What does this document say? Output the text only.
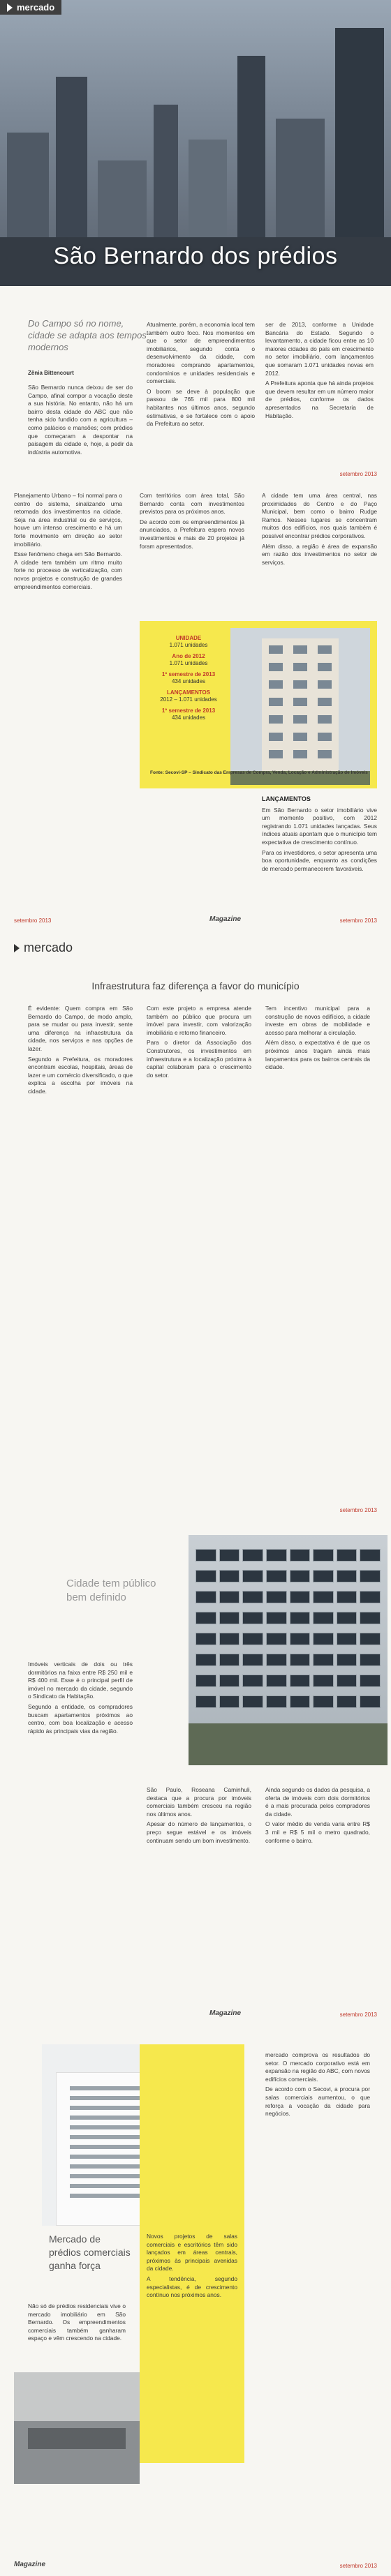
mercado
São Bernardo dos prédios
Do Campo só no nome, cidade se adapta aos tempos modernos
Zênia Bittencourt

São Bernardo nunca deixou de ser do Campo, afinal compor a vocação deste a sua história. No entanto, não há um bairro desta cidade do ABC que não tenha sido fundido com a agricultura – como palácios e mansões; com prédios que começaram a despontar na paisagem da cidade e, hoje, a pedir da indústria automotiva.

Atualmente, porém, a economia local tem também outro foco. Nos momentos em que o setor de empreendimentos imobiliários, segundo conta o desenvolvimento da cidade, com moradores comprando apartamentos, condomínios e unidades residenciais e comerciais.

O boom se deve à população que passou de 765 mil para 800 mil habitantes nos últimos anos, segundo estimativas, e se fortalece com o apoio da Prefeitura ao setor.

ser de 2013, conforme a Unidade Bancária do Estado. Segundo o levantamento, a cidade ficou entre as 10 maiores cidades do país em crescimento no setor imobiliário, com lançamentos que somaram 1.071 unidades novas em 2012.

A Prefeitura aponta que há ainda projetos que devem resultar em um número maior de prédios, conforme os dados apresentados na Secretaria de Habitação.

setembro 2013

Planejamento Urbano – foi normal para o centro do sistema, sinalizando uma retomada dos investimentos na cidade. Seja na área industrial ou de serviços, houve um intenso crescimento e há um forte movimento em direção ao setor imobiliário.

Esse fenômeno chega em São Bernardo. A cidade tem também um ritmo muito forte no processo de verticalização, com novos projetos e construção de grandes empreendimentos comerciais.

Com territórios com área total, São Bernardo conta com investimentos previstos para os próximos anos.

De acordo com os empreendimentos já anunciados, a Prefeitura espera novos investimentos e mais de 20 projetos já foram apresentados.

A cidade tem uma área central, nas proximidades do Centro e do Paço Municipal, bem como o bairro Rudge Ramos. Nesses lugares se concentram muitos dos edifícios, nos quais também é possível encontrar prédios corporativos.

Além disso, a região é área de expansão em razão dos investimentos no setor de serviços.

UNIDADE
1.071 unidades
Ano de 2012
1.071 unidades
1º semestre de 2013
434 unidades
LANÇAMENTOS
2012 – 1.071 unidades
1º semestre de 2013
434 unidades
Fonte: Secovi-SP – Sindicato das Empresas de Compra, Venda, Locação e Administração de Imóveis
LANÇAMENTOS

Em São Bernardo o setor imobiliário vive um momento positivo, com 2012 registrando 1.071 unidades lançadas. Seus índices atuais apontam que o município tem expectativa de crescimento contínuo.

Para os investidores, o setor apresenta uma boa oportunidade, enquanto as condições de mercado permanecerem favoráveis.

setembro 2013	Magazine	setembro 2013
mercado
Infraestrutura faz diferença a favor do município

É evidente: Quem compra em São Bernardo do Campo, de modo amplo, para se mudar ou para investir, sente uma diferença na infraestrutura da cidade, nos serviços e nas opções de lazer.

Segundo a Prefeitura, os moradores encontram escolas, hospitais, áreas de lazer e um comércio diversificado, o que explica a escolha por imóveis na cidade.

Com este projeto a empresa atende também ao público que procura um imóvel para investir, com valorização imobiliária e retorno financeiro.

Para o diretor da Associação dos Construtores, os investimentos em infraestrutura e a localização próxima à capital colaboram para o crescimento do setor.

Tem incentivo municipal para a construção de novos edifícios, a cidade investe em obras de mobilidade e acesso para melhorar a circulação.

Além disso, a expectativa é de que os próximos anos tragam ainda mais lançamentos para os bairros centrais da cidade.

setembro 2013
Cidade tem público bem definido

Imóveis verticais de dois ou três dormitórios na faixa entre R$ 250 mil e R$ 400 mil. Esse é o principal perfil de imóvel no mercado da cidade, segundo o Sindicato da Habitação.

Segundo a entidade, os compradores buscam apartamentos próximos ao centro, com boa localização e acesso rápido às principais vias da região.

São Paulo, Roseana Caminhuli, destaca que a procura por imóveis comerciais também cresceu na região nos últimos anos.

Apesar do número de lançamentos, o preço segue estável e os imóveis continuam sendo um bom investimento.

Ainda segundo os dados da pesquisa, a oferta de imóveis com dois dormitórios é a mais procurada pelos compradores da cidade.

O valor médio de venda varia entre R$ 3 mil e R$ 5 mil o metro quadrado, conforme o bairro.

Magazine	setembro 2013
Mercado de prédios comerciais ganha força

Não só de prédios residenciais vive o mercado imobiliário em São Bernardo. Os empreendimentos comerciais também ganharam espaço e vêm crescendo na cidade.

Novos projetos de salas comerciais e escritórios têm sido lançados em áreas centrais, próximos às principais avenidas da cidade.

A tendência, segundo especialistas, é de crescimento contínuo nos próximos anos.

mercado comprova os resultados do setor. O mercado corporativo está em expansão na região do ABC, com novos edifícios comerciais.

De acordo com o Secovi, a procura por salas comerciais aumentou, o que reforça a vocação da cidade para negócios.

Magazine	setembro 2013
